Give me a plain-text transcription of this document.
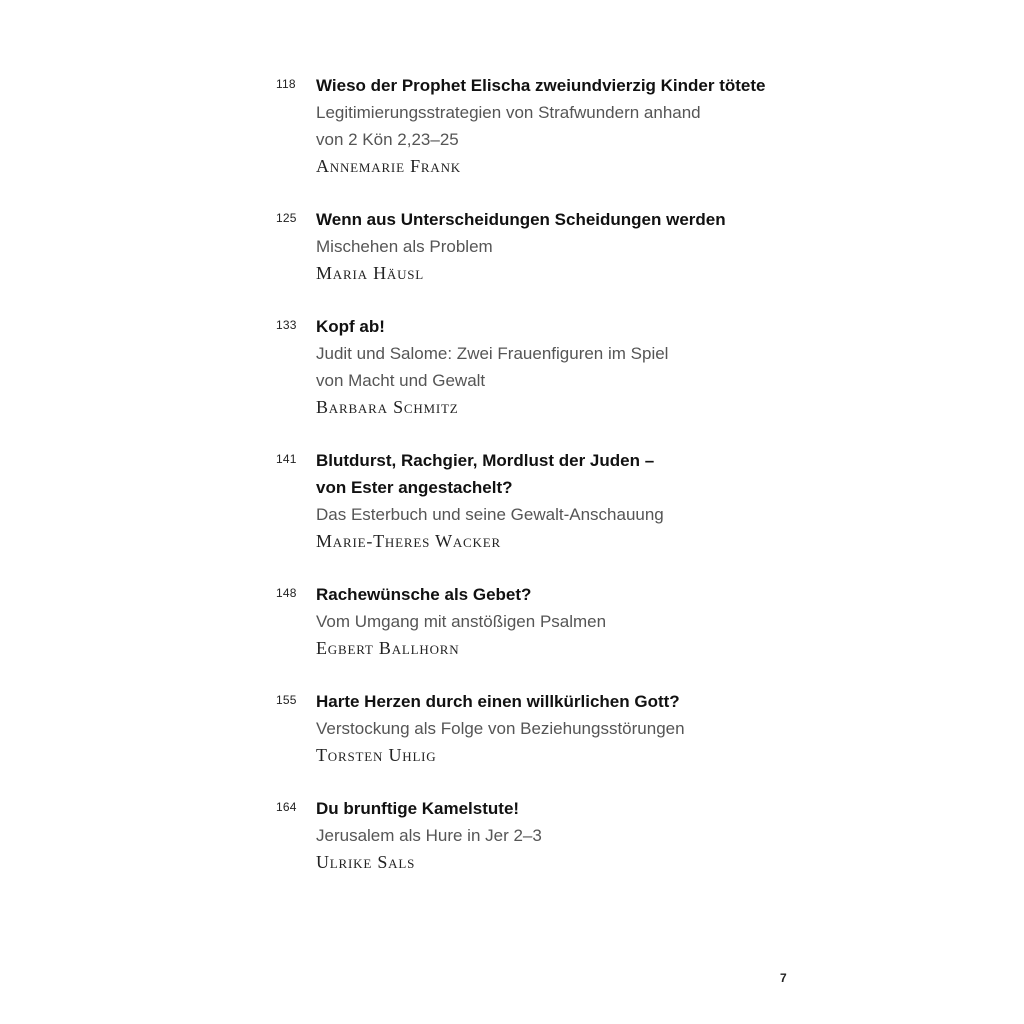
118 Wieso der Prophet Elischa zweiundvierzig Kinder tötete
Legitimierungsstrategien von Strafwundern anhand
von 2 Kön 2,23–25
Annemarie Frank
125 Wenn aus Unterscheidungen Scheidungen werden
Mischehen als Problem
Maria Häusl
133 Kopf ab!
Judit und Salome: Zwei Frauenfiguren im Spiel
von Macht und Gewalt
Barbara Schmitz
141 Blutdurst, Rachgier, Mordlust der Juden –
von Ester angestachelt?
Das Esterbuch und seine Gewalt-Anschauung
Marie-Theres Wacker
148 Rachewünsche als Gebet?
Vom Umgang mit anstößigen Psalmen
Egbert Ballhorn
155 Harte Herzen durch einen willkürlichen Gott?
Verstockung als Folge von Beziehungsstörungen
Torsten Uhlig
164 Du brunftige Kamelstute!
Jerusalem als Hure in Jer 2–3
Ulrike Sals
7
